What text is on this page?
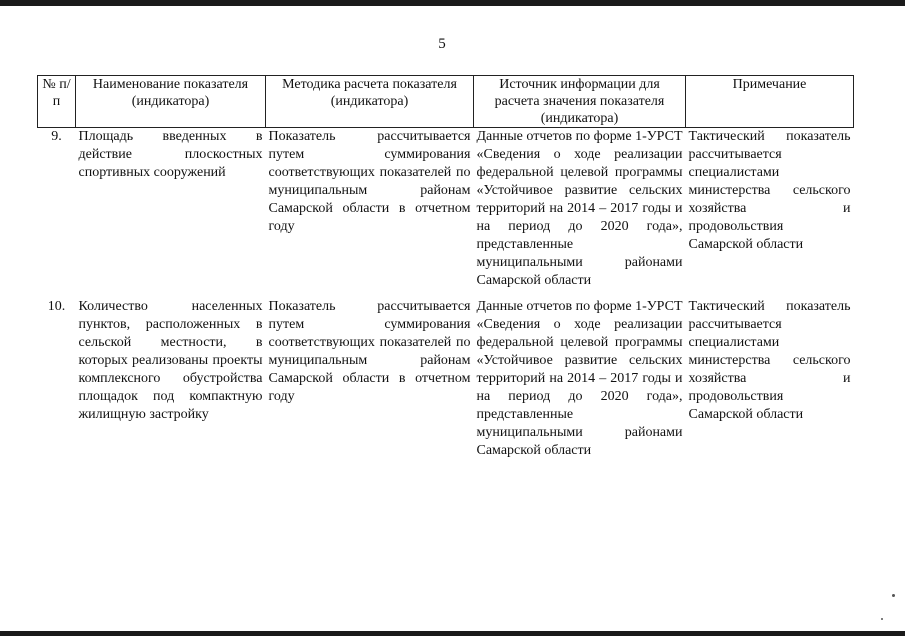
5
№ п/п	Наименование показателя (индикатора)	Методика расчета показателя (индикатора)	Источник информации для расчета значения показателя (индикатора)	Примечание
9.	Площадь введенных в действие плоскостных спортивных сооружений	Показатель рассчитывается путем суммирования соответствующих показателей по муниципальным районам Самарской области в отчетном году	Данные отчетов по форме 1-УРСТ «Сведения о ходе реализации федеральной целевой программы «Устойчивое развитие сельских территорий на 2014 – 2017 годы и на период до 2020 года», представленные муниципальными районами Самарской области	Тактический показатель рассчитывается специалистами министерства сельского хозяйства и продовольствия Самарской области
10.	Количество населенных пунктов, расположенных в сельской местности, в которых реализованы проекты комплексного обустройства площадок под компактную жилищную застройку	Показатель рассчитывается путем суммирования соответствующих показателей по муниципальным районам Самарской области в отчетном году	Данные отчетов по форме 1-УРСТ «Сведения о ходе реализации федеральной целевой программы «Устойчивое развитие сельских территорий на 2014 – 2017 годы и на период до 2020 года», представленные муниципальными районами Самарской области	Тактический показатель рассчитывается специалистами министерства сельского хозяйства и продовольствия Самарской области
